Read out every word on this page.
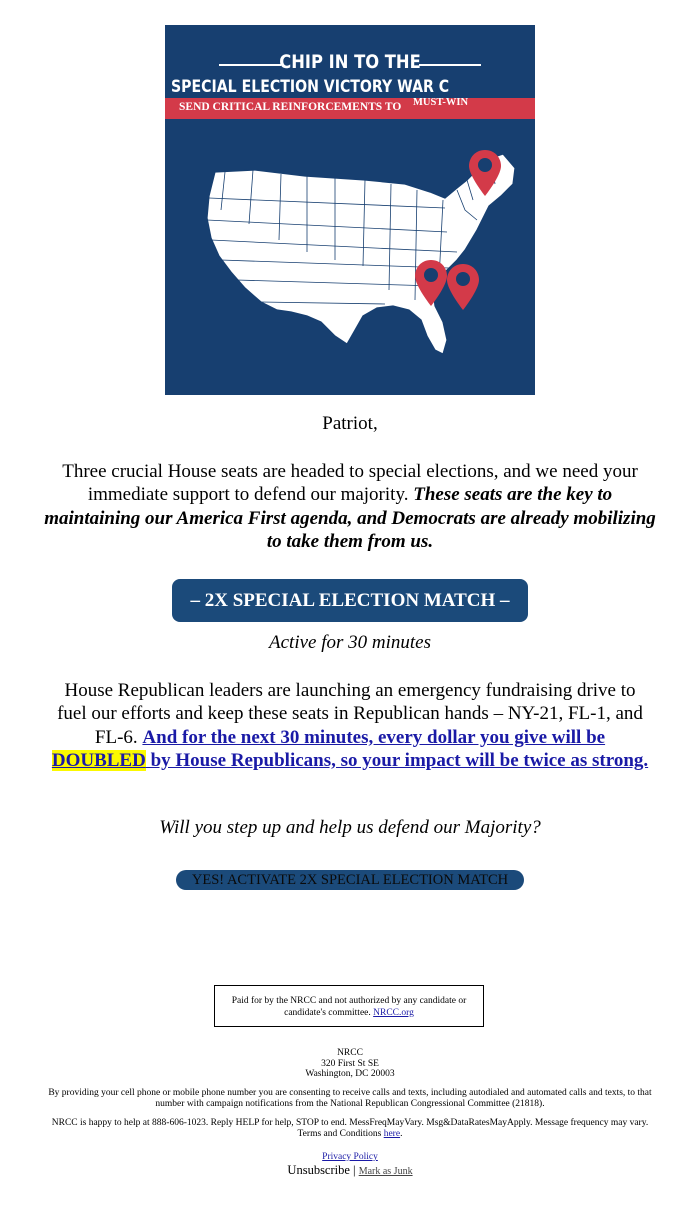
CHIP IN TO THE
SPECIAL ELECTION VICTORY WAR C
SEND CRITICAL REINFORCEMENTS TO MUST-WIN
Patriot,
Three crucial House seats are headed to special elections, and we need your immediate support to defend our majority. These seats are the key to maintaining our America First agenda, and Democrats are already mobilizing to take them from us.
– 2X SPECIAL ELECTION MATCH –
Active for 30 minutes
House Republican leaders are launching an emergency fundraising drive to fuel our efforts and keep these seats in Republican hands – NY-21, FL-1, and FL-6. And for the next 30 minutes, every dollar you give will be DOUBLED by House Republicans, so your impact will be twice as strong.
Will you step up and help us defend our Majority?
YES! ACTIVATE 2X SPECIAL ELECTION MATCH
Paid for by the NRCC and not authorized by any candidate or candidate's committee. NRCC.org
NRCC
320 First St SE
Washington, DC 20003
By providing your cell phone or mobile phone number you are consenting to receive calls and texts, including autodialed and automated calls and texts, to that number with campaign notifications from the National Republican Congressional Committee (21818).
NRCC is happy to help at 888-606-1023. Reply HELP for help, STOP to end. MessFreqMayVary. Msg&DataRatesMayApply. Message frequency may vary. Terms and Conditions here.
Privacy Policy
Unsubscribe | Mark as Junk
